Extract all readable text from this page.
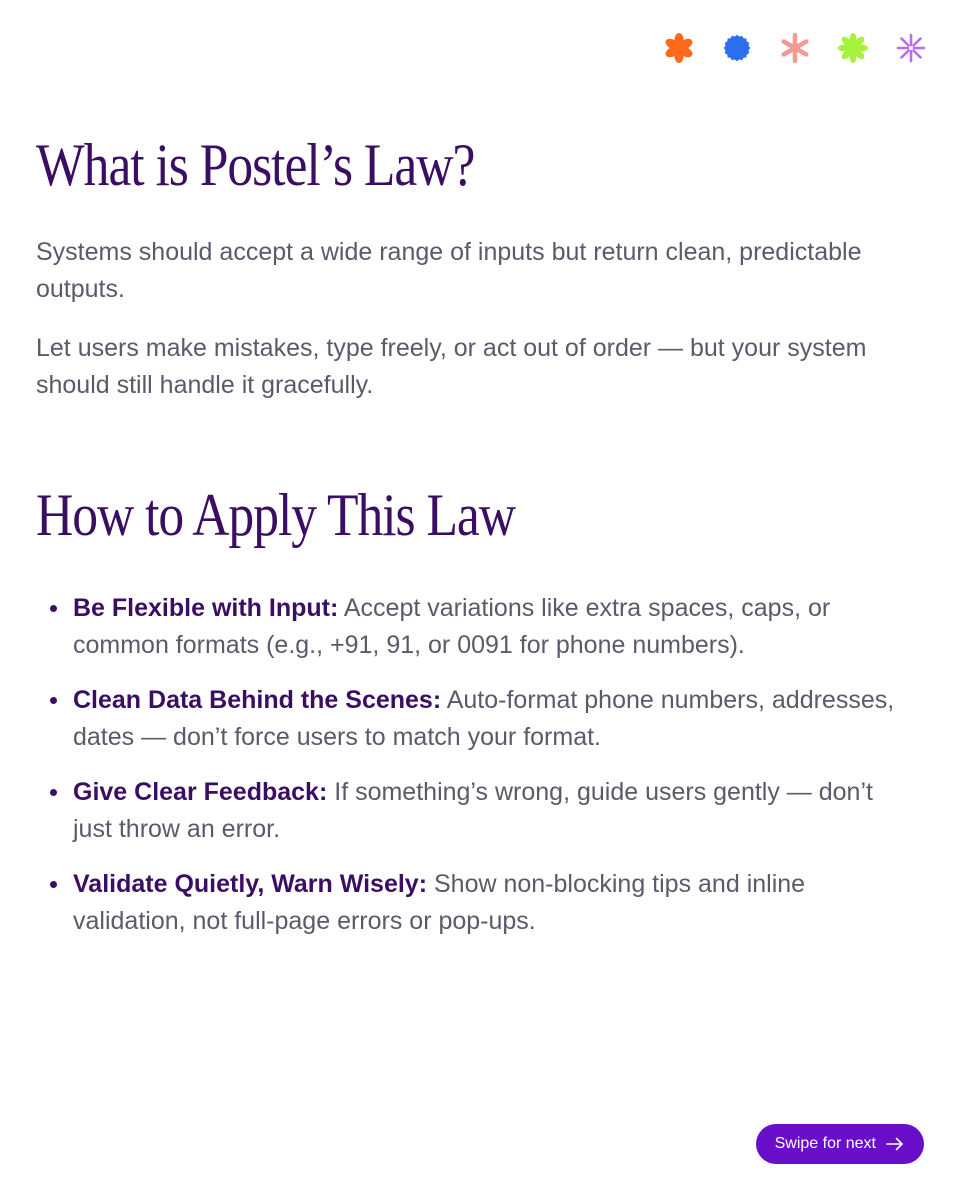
What is Postel’s Law?

Systems should accept a wide range of inputs but return clean, predictable outputs.

Let users make mistakes, type freely, or act out of order — but your system should still handle it gracefully.

How to Apply This Law
Be Flexible with Input: Accept variations like extra spaces, caps, or common formats (e.g., +91, 91, or 0091 for phone numbers).
Clean Data Behind the Scenes: Auto-format phone numbers, addresses, dates — don’t force users to match your format.
Give Clear Feedback: If something’s wrong, guide users gently — don’t just throw an error.
Validate Quietly, Warn Wisely: Show non-blocking tips and inline validation, not full-page errors or pop-ups.
Swipe for next
